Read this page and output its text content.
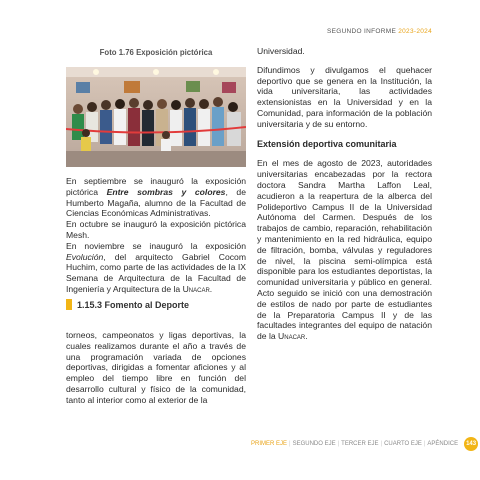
SEGUNDO INFORME 2023-2024
Foto 1.76 Exposición pictórica

En septiembre se inauguró la exposición pictórica Entre sombras y colores, de Humberto Magaña, alumno de la Facultad de Ciencias Económicas Administrativas.

En octubre se inauguró la exposición pictórica Mesh.

En noviembre se inauguró la exposición Evolución, del arquitecto Gabriel Cocom Huchim, como parte de las actividades de la IX Semana de Arquitectura de la Facultad de Ingeniería y Arquitectura de la Unacar.

1.15.3 Fomento al Deporte

torneos, campeonatos y ligas deportivas, la cuales realizamos durante el año a través de una programación variada de opciones deportivas, dirigidas a fomentar aficiones y al empleo del tiempo libre en función del desarrollo cultural y físico de la comunidad, tanto al interior como al exterior de la

Universidad.

Difundimos y divulgamos el quehacer deportivo que se genera en la Institución, la vida universitaria, las actividades extensionistas en la Universidad y en la Comunidad, para información de la población universitaria y de su entorno.

Extensión deportiva comunitaria

En el mes de agosto de 2023, autoridades universitarias encabezadas por la rectora doctora Sandra Martha Laffon Leal, acudieron a la reapertura de la alberca del Polideportivo Campus II de la Universidad Autónoma del Carmen. Después de los trabajos de cambio, reparación, rehabilitación y mantenimiento en la red hidráulica, equipo de filtración, bomba, válvulas y reguladores de nivel, la piscina semi-olímpica está disponible para los estudiantes deportistas, la comunidad universitaria y público en general. Acto seguido se inició con una demostración de estilos de nado por parte de estudiantes de la Preparatoria Campus II y de las facultades integrantes del equipo de natación de la Unacar.

PRIMER EJE | SEGUNDO EJE | TERCER EJE | CUARTO EJE | APÉNDICE	143
